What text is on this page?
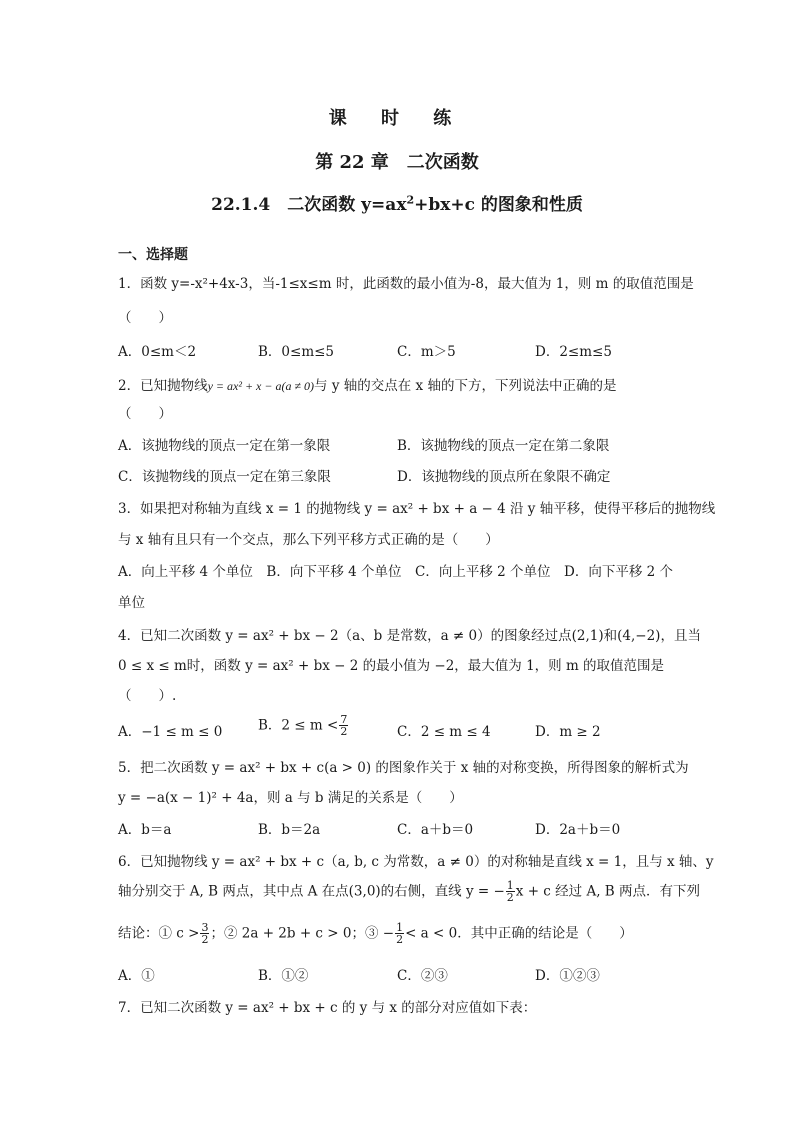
课 时 练
第 22 章　二次函数
22.1.4　二次函数 $y=ax^2+bx+c$ 的图象和性质
一、选择题
1．函数 y=-x²+4x-3，当-1≤x≤m 时，此函数的最小值为-8，最大值为 1，则 m 的取值范围是
（　　）
A．0≤m＜2	B．0≤m≤5	C．m＞5	D．2≤m≤5
2．已知抛物线y = ax² + x − a(a ≠ 0)与 y 轴的交点在 x 轴的下方，下列说法中正确的是
（　　）
A．该抛物线的顶点一定在第一象限	B．该抛物线的顶点一定在第二象限
C．该抛物线的顶点一定在第三象限	D．该抛物线的顶点所在象限不确定
3．如果把对称轴为直线 x = 1 的抛物线 y = ax² + bx + a − 4 沿 y 轴平移，使得平移后的抛物线
与 x 轴有且只有一个交点，那么下列平移方式正确的是（　　）
A．向上平移 4 个单位　B．向下平移 4 个单位　C．向上平移 2 个单位　D．向下平移 2 个
单位
4．已知二次函数 y = ax² + bx − 2（a、b 是常数，a ≠ 0）的图象经过点(2,1)和(4,−2)，且当
0 ≤ x ≤ m时，函数 y = ax² + bx − 2 的最小值为 −2，最大值为 1，则 m 的取值范围是
（　　）.
A．−1 ≤ m ≤ 0	B．$2 \le m < \frac{7}{2}$	C．2 ≤ m ≤ 4	D．m ≥ 2
5．把二次函数 y = ax² + bx + c(a > 0) 的图象作关于 x 轴的对称变换，所得图象的解析式为
y = −a(x − 1)² + 4a，则 a 与 b 满足的关系是（　　）
A．b＝a	B．b＝2a	C．a＋b＝0	D．2a＋b＝0
6．已知抛物线 y = ax² + bx + c（a, b, c 为常数，a ≠ 0）的对称轴是直线 x = 1，且与 x 轴、y
轴分别交于 A, B 两点，其中点 A 在点(3,0)的右侧，直线 y = − $\frac{1}{2}$ x + c 经过 A, B 两点．有下列
结论：① $c > \frac{3}{2}$ ；② 2a + 2b + c > 0；③ − $\frac{1}{2} < a < 0$．其中正确的结论是（　　）
A．①	B．①②	C．②③	D．①②③
7．已知二次函数 y = ax² + bx + c 的 y 与 x 的部分对应值如下表：
